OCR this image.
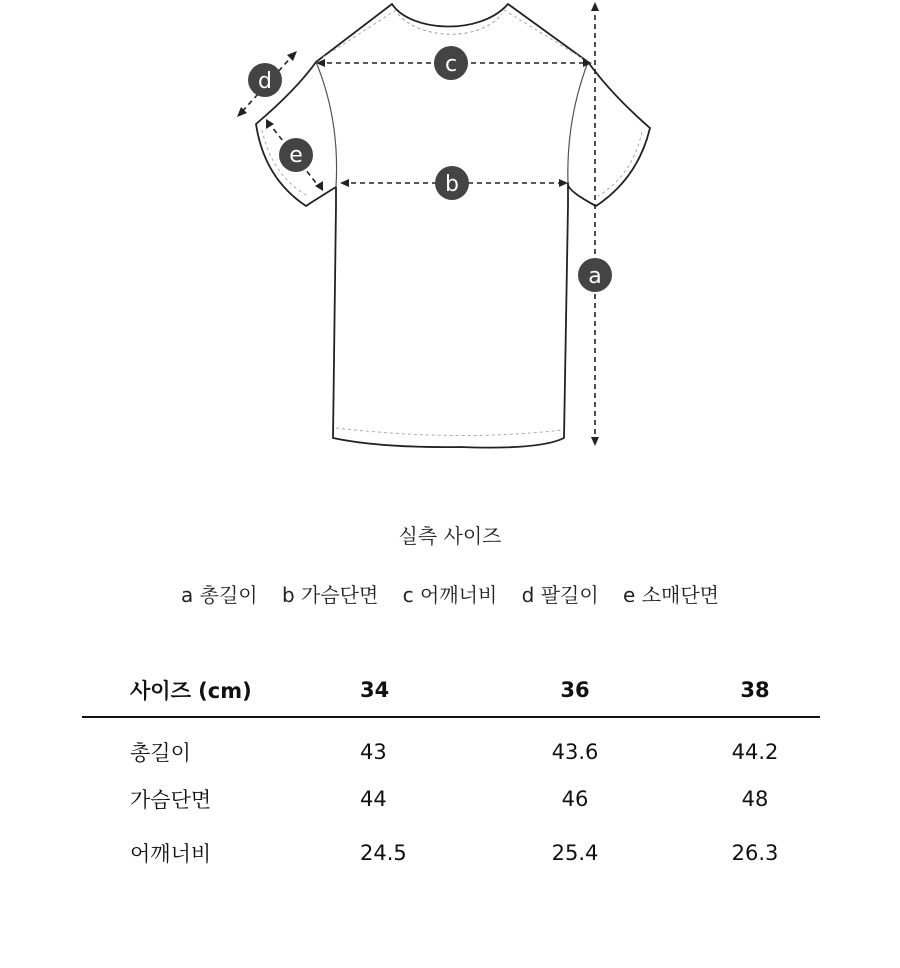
c
b
a
d
e
실측 사이즈
a 총길이 b 가슴단면 c 어깨너비 d 팔길이 e 소매단면
사이즈 (cm)	34	36	38
총길이	43	43.6	44.2
가슴단면	44	46	48
어깨너비	24.5	25.4	26.3
